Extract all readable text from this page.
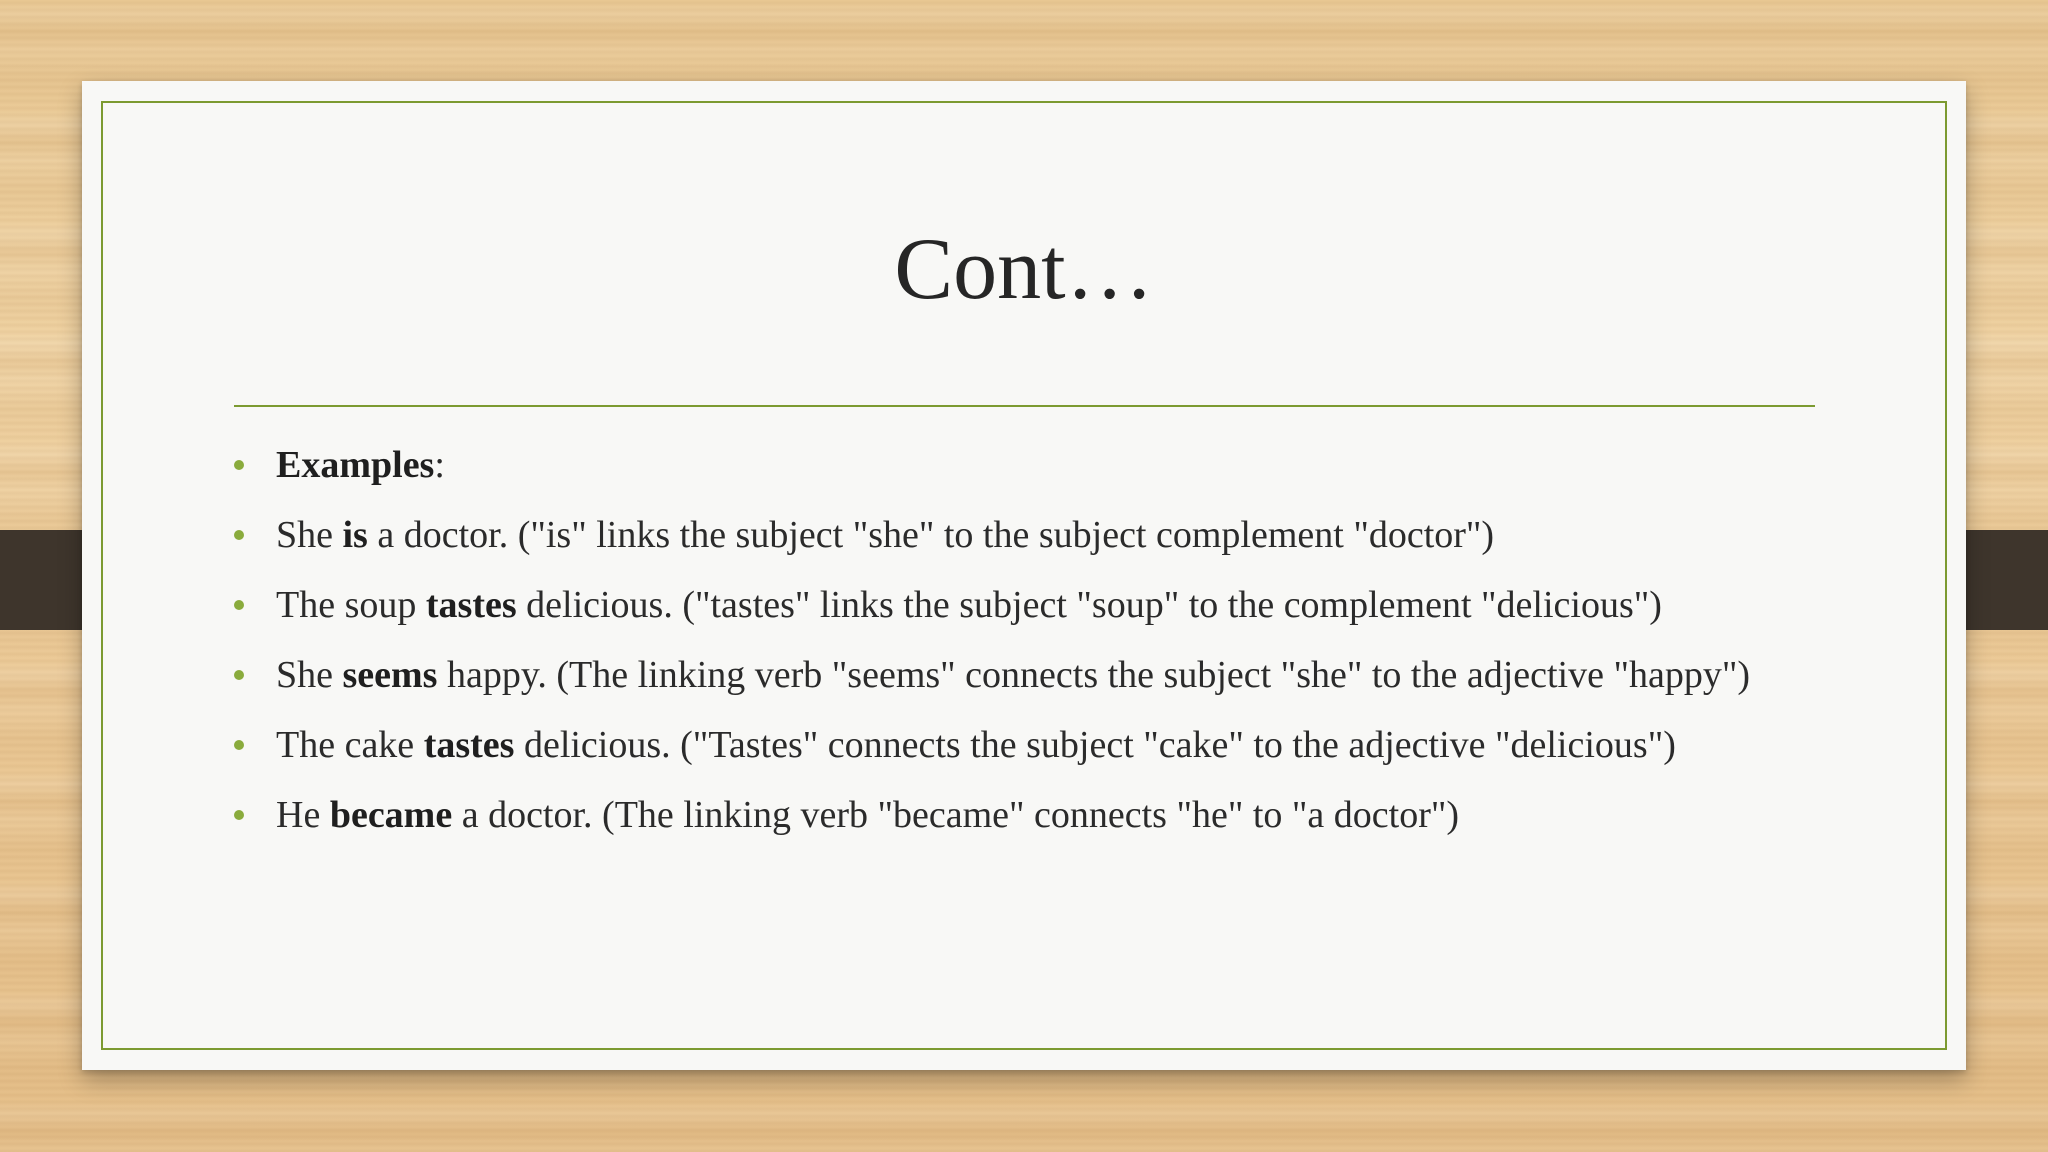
Cont…
Examples:
She is a doctor. ("is" links the subject "she" to the subject complement "doctor")
The soup tastes delicious. ("tastes" links the subject "soup" to the complement "delicious")
She seems happy. (The linking verb "seems" connects the subject "she" to the adjective "happy")
The cake tastes delicious. ("Tastes" connects the subject "cake" to the adjective "delicious")
He became a doctor. (The linking verb "became" connects "he" to "a doctor")
